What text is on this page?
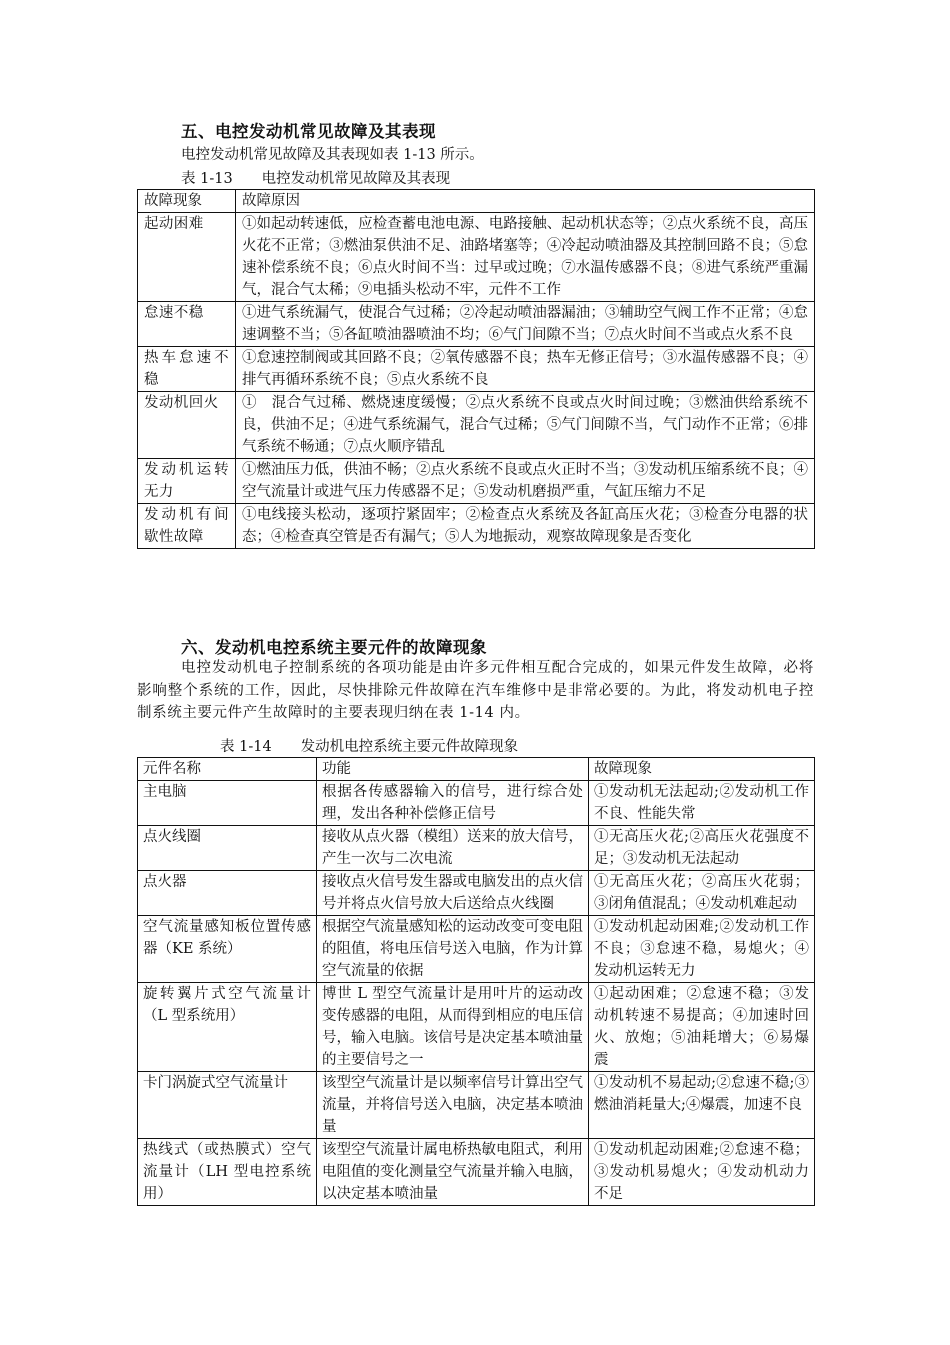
五、电控发动机常见故障及其表现
电控发动机常见故障及其表现如表 1-13 所示。
表 1-13　　电控发动机常见故障及其表现
故障现象	故障原因
起动困难	①如起动转速低，应检查蓄电池电源、电路接触、起动机状态等；②点火系统不良，高压火花不正常；③燃油泵供油不足、油路堵塞等；④冷起动喷油器及其控制回路不良；⑤怠速补偿系统不良；⑥点火时间不当：过早或过晚；⑦水温传感器不良；⑧进气系统严重漏气，混合气太稀；⑨电插头松动不牢，元件不工作
怠速不稳	①进气系统漏气，使混合气过稀；②冷起动喷油器漏油；③辅助空气阀工作不正常；④怠速调整不当；⑤各缸喷油器喷油不均；⑥气门间隙不当；⑦点火时间不当或点火系不良
热车怠速不稳	①怠速控制阀或其回路不良；②氧传感器不良；热车无修正信号；③水温传感器不良；④排气再循环系统不良；⑤点火系统不良
发动机回火	①　混合气过稀、燃烧速度缓慢；②点火系统不良或点火时间过晚；③燃油供给系统不良，供油不足；④进气系统漏气，混合气过稀；⑤气门间隙不当，气门动作不正常；⑥排气系统不畅通；⑦点火顺序错乱
发动机运转无力	①燃油压力低，供油不畅；②点火系统不良或点火正时不当；③发动机压缩系统不良；④空气流量计或进气压力传感器不足；⑤发动机磨损严重，气缸压缩力不足
发动机有间歇性故障	①电线接头松动，逐项拧紧固牢；②检查点火系统及各缸高压火花；③检查分电器的状态；④检查真空管是否有漏气；⑤人为地振动，观察故障现象是否变化
六、发动机电控系统主要元件的故障现象
电控发动机电子控制系统的各项功能是由许多元件相互配合完成的，如果元件发生故障，必将影响整个系统的工作，因此，尽快排除元件故障在汽车维修中是非常必要的。为此，将发动机电子控制系统主要元件产生故障时的主要表现归纳在表 1-14 内。
表 1-14　　发动机电控系统主要元件故障现象
元件名称	功能	故障现象
主电脑	根据各传感器输入的信号，进行综合处理，发出各种补偿修正信号	①发动机无法起动;②发动机工作不良、性能失常
点火线圈	接收从点火器（模组）送来的放大信号，产生一次与二次电流	①无高压火花;②高压火花强度不足；③发动机无法起动
点火器	接收点火信号发生器或电脑发出的点火信号并将点火信号放大后送给点火线圈	①无高压火花；②高压火花弱；③闭角值混乱；④发动机难起动
空气流量感知板位置传感器（KE 系统）	根据空气流量感知松的运动改变可变电阻的阻值，将电压信号送入电脑，作为计算空气流量的依据	①发动机起动困难;②发动机工作不良；③怠速不稳，易熄火；④发动机运转无力
旋转翼片式空气流量计（L 型系统用）	博世 L 型空气流量计是用叶片的运动改变传感器的电阻，从而得到相应的电压信号，输入电脑。该信号是决定基本喷油量的主要信号之一	①起动困难；②怠速不稳；③发动机转速不易提高；④加速时回火、放炮；⑤油耗增大；⑥易爆震
卡门涡旋式空气流量计	该型空气流量计是以频率信号计算出空气流量，并将信号送入电脑，决定基本喷油量	①发动机不易起动;②怠速不稳;③燃油消耗量大;④爆震，加速不良
热线式（或热膜式）空气流量计（LH 型电控系统用）	该型空气流量计属电桥热敏电阻式，利用电阻值的变化测量空气流量并输入电脑，以决定基本喷油量	①发动机起动困难;②怠速不稳；③发动机易熄火；④发动机动力不足
